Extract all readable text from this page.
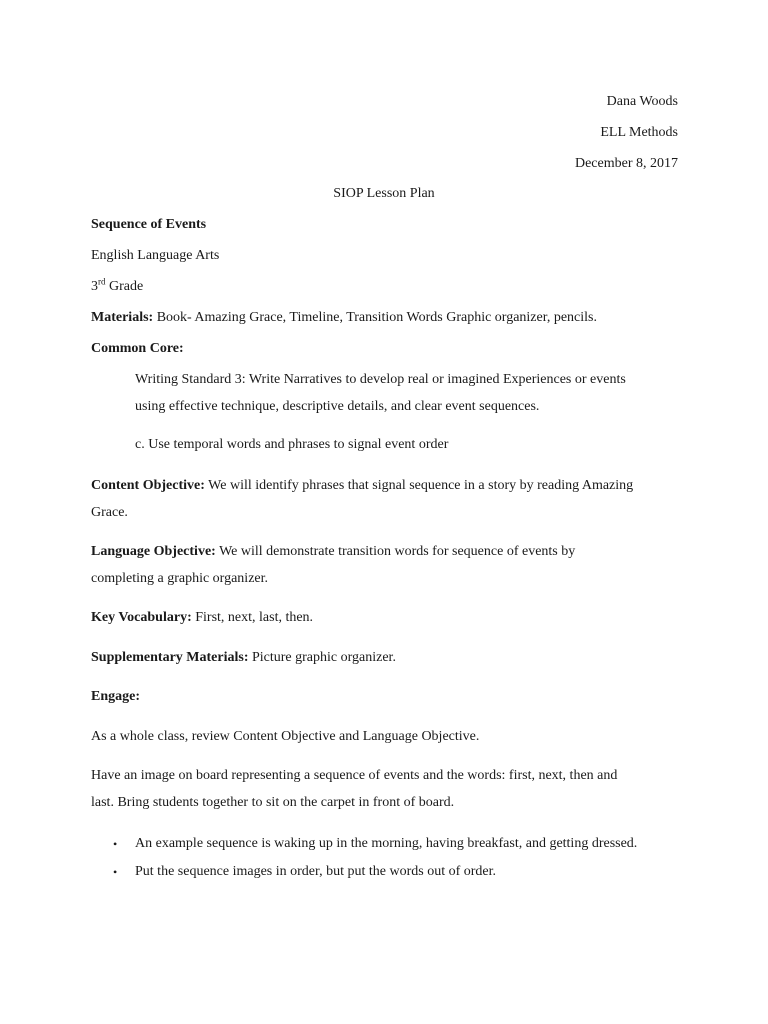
Dana Woods
ELL Methods
December 8, 2017
SIOP Lesson Plan
Sequence of Events
English Language Arts
3rd Grade
Materials: Book- Amazing Grace, Timeline, Transition Words Graphic organizer, pencils.
Common Core:
Writing Standard 3: Write Narratives to develop real or imagined Experiences or events
using effective technique, descriptive details, and clear event sequences.
c. Use temporal words and phrases to signal event order
Content Objective: We will identify phrases that signal sequence in a story by reading Amazing
Grace.
Language Objective: We will demonstrate transition words for sequence of events by
completing a graphic organizer.
Key Vocabulary: First, next, last, then.
Supplementary Materials: Picture graphic organizer.
Engage:
As a whole class, review Content Objective and Language Objective.
Have an image on board representing a sequence of events and the words: first, next, then and
last. Bring students together to sit on the carpet in front of board.
• An example sequence is waking up in the morning, having breakfast, and getting dressed.
• Put the sequence images in order, but put the words out of order.
